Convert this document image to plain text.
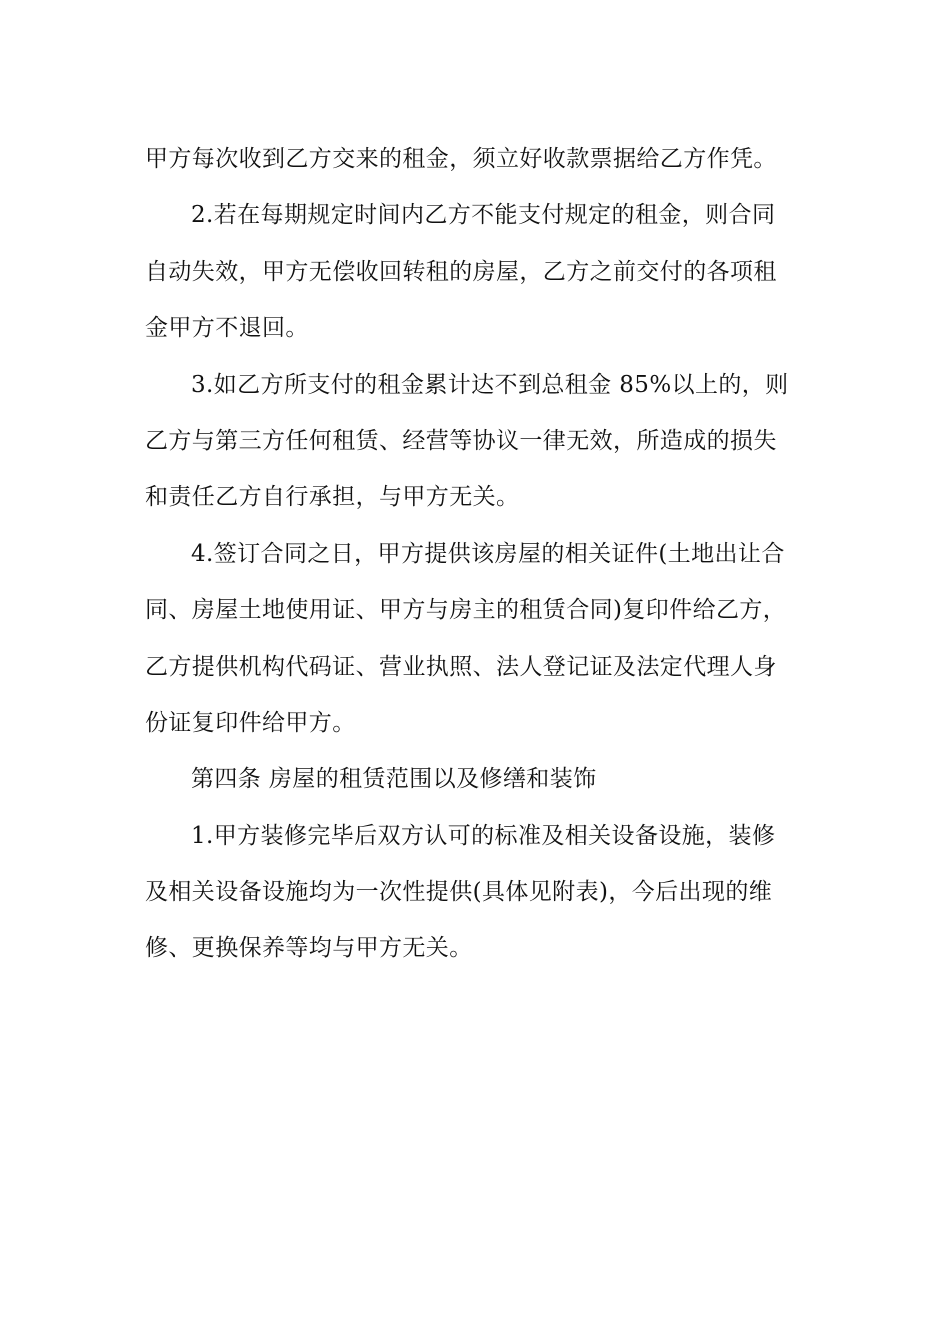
甲方每次收到乙方交来的租金，须立好收款票据给乙方作凭。
2.若在每期规定时间内乙方不能支付规定的租金，则合同
自动失效，甲方无偿收回转租的房屋，乙方之前交付的各项租
金甲方不退回。
3.如乙方所支付的租金累计达不到总租金 85%以上的，则
乙方与第三方任何租赁、经营等协议一律无效，所造成的损失
和责任乙方自行承担，与甲方无关。
4.签订合同之日，甲方提供该房屋的相关证件(土地出让合
同、房屋土地使用证、甲方与房主的租赁合同)复印件给乙方，
乙方提供机构代码证、营业执照、法人登记证及法定代理人身
份证复印件给甲方。
第四条 房屋的租赁范围以及修缮和装饰
1.甲方装修完毕后双方认可的标准及相关设备设施，装修
及相关设备设施均为一次性提供(具体见附表)，今后出现的维
修、更换保养等均与甲方无关。
